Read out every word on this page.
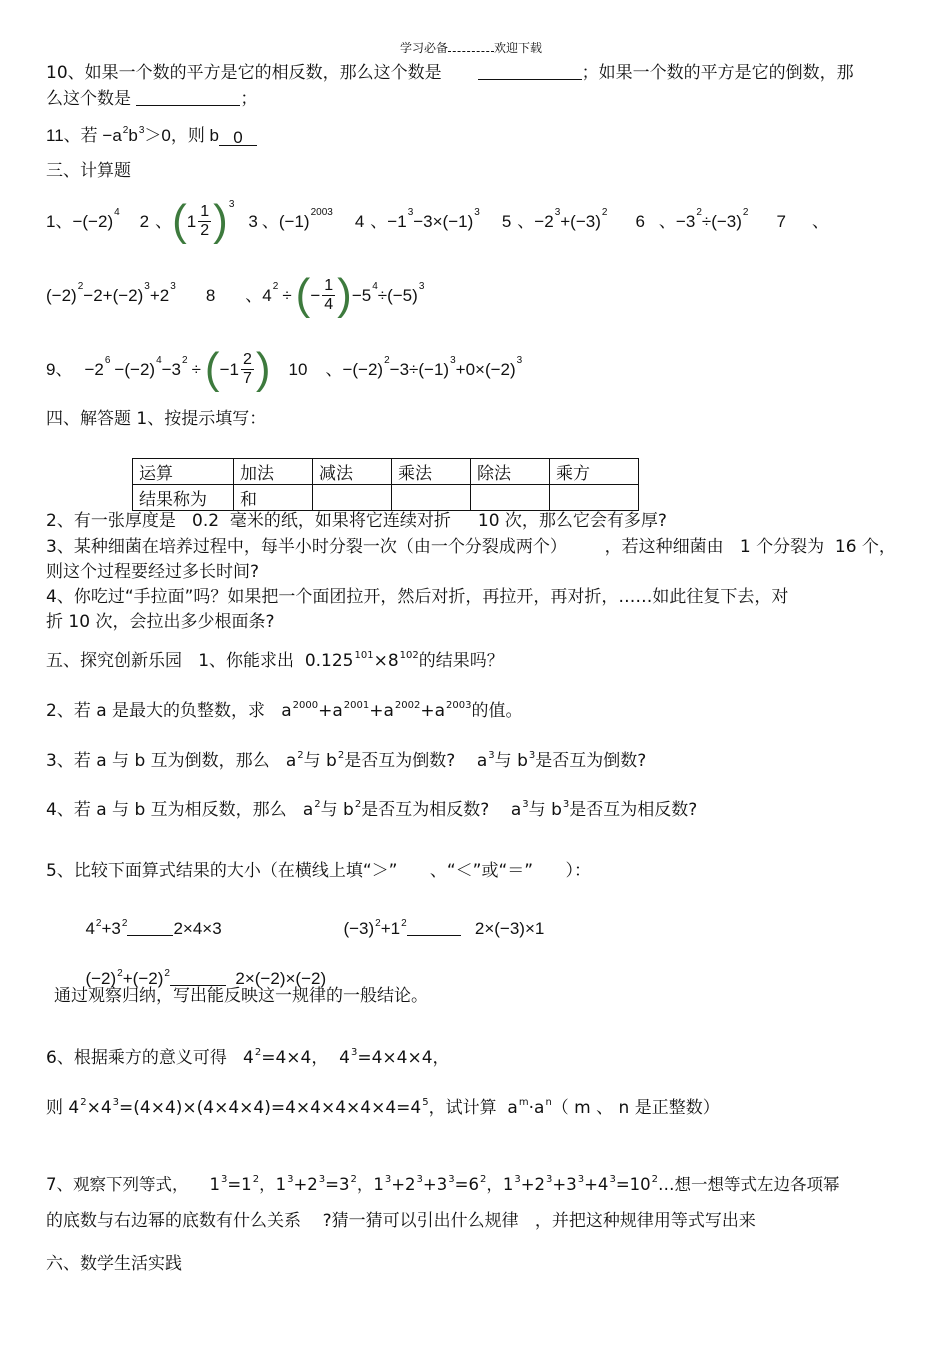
学习必备	欢迎下载
10、如果一个数的平方是它的相反数，那么这个数是	；如果一个数的平方是它的倒数，那
么这个数是	；
11、若 $-a^2b^3>0$，则 b 0
三、计算题
1、 $-(-2)^4$ 2 、 ( $1 \frac{1}{2} )^3$
3 、 $(-1)^{2003}$ 4 、 $-1^3 -3\times(-1)^3$ 5 、 $-2^3 +(-3)^2$ 6 、 $-3^2 \div(-3)^2$ 7 、
$(-2)^2 -2+(-2)^3 +2^3$ 8 、 $4^2$ ÷ ( − $\frac{1}{4}$ ) $-5^4 \div(-5)^3$
9、 $-2^6 -(-2)^4 -3^2$ ÷ ( $-1 \frac{2}{7}$ ) 10 、 $-(-2)^2 -3\div(-1)^3 +0\times(-2)^3$
四、解答题 1、按提示填写：
运算	加法	减法	乘法	除法	乘方
结果称为	和				
2、有一张厚度是   0.2  毫米的纸，如果将它连续对折     10 次，那么它会有多厚?
3、某种细菌在培养过程中，每半小时分裂一次（由一个分裂成两个）       ，若这种细菌由   1 个分裂为  16 个，
则这个过程要经过多长时间?
4、你吃过“手拉面”吗？如果把一个面团拉开，然后对折，再拉开，再对折，……如此往复下去，对
折 10 次，会拉出多少根面条?
五、探究创新乐园   1、你能求出  $0.125^{101}\times 8^{102}$的结果吗？
2、若 a 是最大的负整数，求   $a^{2000}+a^{2001}+a^{2002}+a^{2003}$的值。
3、若 a 与 b 互为倒数，那么   $a^2$与 $b^2$是否互为倒数?    $a^3$与 $b^3$是否互为倒数?
4、若 a 与 b 互为相反数，那么   $a^2$与 $b^2$是否互为相反数?    $a^3$与 $b^3$是否互为相反数?
5、比较下面算式结果的大小（在横线上填“＞”      、“＜”或“＝”      ）：

$4^2+3^2$	2×4×3	$(-3)^2+1^2$	2×(−3)×1

$(-2)^2+(-2)^2$	2×(−2)×(−2)

通过观察归纳，写出能反映这一规律的一般结论。
6、根据乘方的意义可得   $4^2=4\times 4$，  $4^3=4\times 4\times 4$，
则 $4^2\times 4^3=(4\times 4)\times(4\times 4\times 4)=4\times 4\times 4\times 4\times 4=4^5$，试计算  $a^m\cdot a^n$（ m 、 n 是正整数）
7、观察下列等式，    $1^3=1^2$，$1^3+2^3=3^2$，$1^3+2^3+3^3=6^2$，$1^3+2^3+3^3+4^3=10^2\dots$想一想等式左边各项幂
的底数与右边幂的底数有什么关系    ?猜一猜可以引出什么规律   ，并把这种规律用等式写出来
六、数学生活实践
